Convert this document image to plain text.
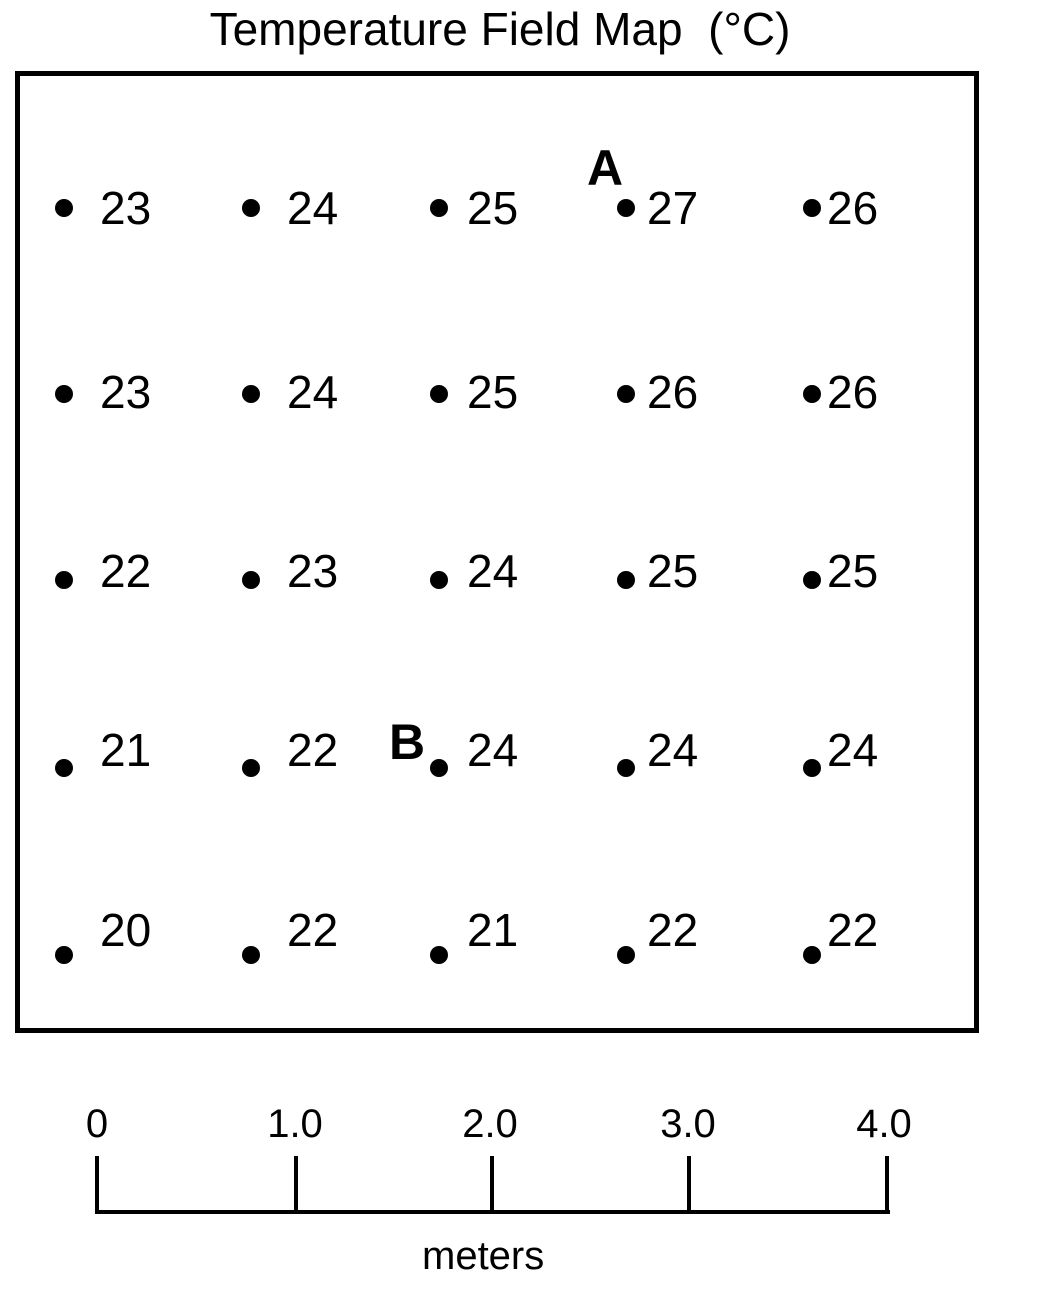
Temperature Field Map  (°C)
23	24	25	27	26
23	24	25	26	26
22	23	24	25	25
21	22	24	24	24
20	22	21	22	22
A
B
0	1.0	2.0	3.0	4.0
meters
